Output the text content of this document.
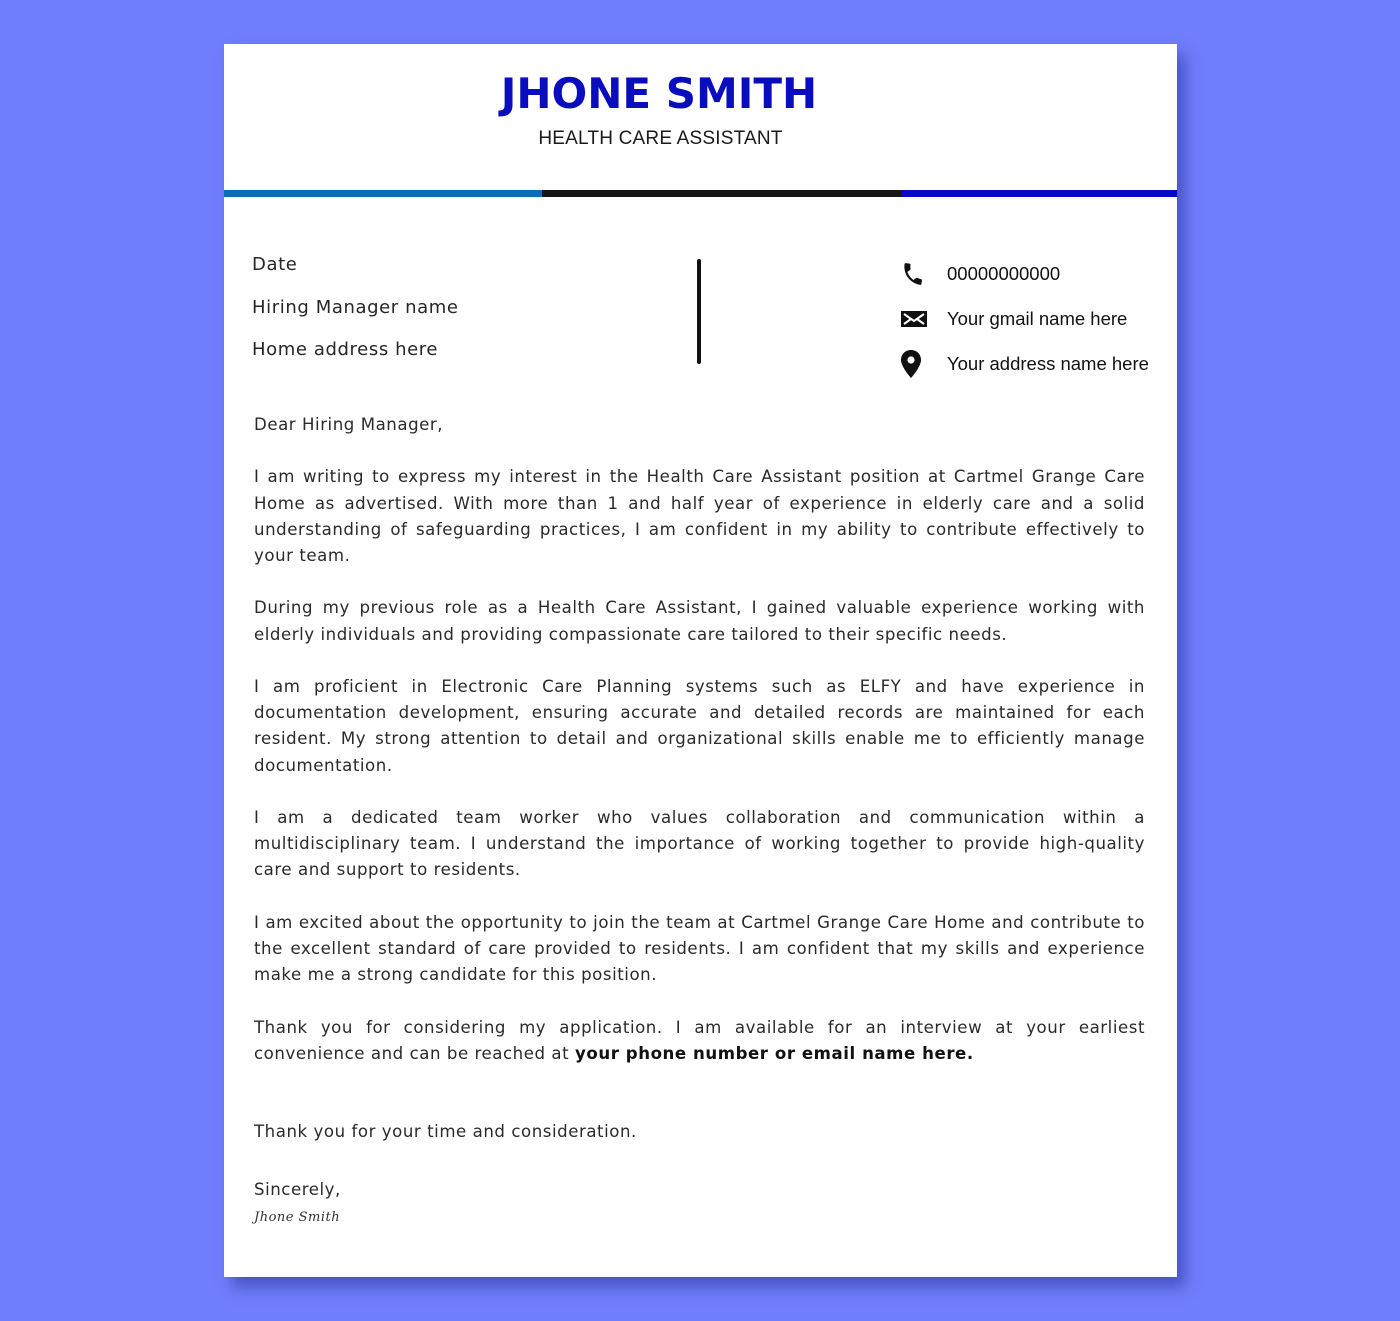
JHONE SMITH
HEALTH CARE ASSISTANT
Date
Hiring Manager name
Home address here
00000000000
Your gmail name here
Your address name here

Dear Hiring Manager,

I am writing to express my interest in the Health Care Assistant position at Cartmel Grange Care Home as advertised. With more than 1 and half year of experience in elderly care and a solid understanding of safeguarding practices, I am confident in my ability to contribute effectively to your team.

During my previous role as a Health Care Assistant, I gained valuable experience working with elderly individuals and providing compassionate care tailored to their specific needs.

I am proficient in Electronic Care Planning systems such as ELFY and have experience in documentation development, ensuring accurate and detailed records are maintained for each resident. My strong attention to detail and organizational skills enable me to efficiently manage documentation.

I am a dedicated team worker who values collaboration and communication within a multidisciplinary team. I understand the importance of working together to provide high-quality care and support to residents.

I am excited about the opportunity to join the team at Cartmel Grange Care Home and contribute to the excellent standard of care provided to residents. I am confident that my skills and experience make me a strong candidate for this position.

Thank you for considering my application. I am available for an interview at your earliest convenience and can be reached at your phone number or email name here.

Thank you for your time and consideration.

Sincerely,

Jhone Smith
